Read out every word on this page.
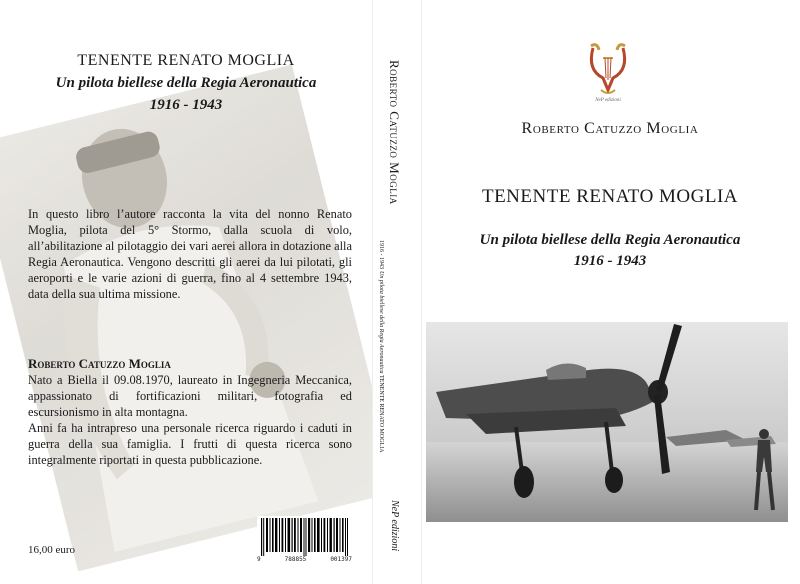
TENENTE RENATO MOGLIA
Un pilota biellese della Regia Aeronautica
1916 - 1943
In questo libro l’autore racconta la vita del nonno Renato Moglia, pilota del 5° Stormo, dalla scuola di volo, all’abilitazione al pilotaggio dei vari aerei allora in dotazione alla Regia Aeronautica. Vengono descritti gli aerei da lui pilotati, gli aeroporti e le varie azioni di guerra, fino al 4 settembre 1943, data della sua ultima missione.
Roberto Catuzzo Moglia

Nato a Biella il 09.08.1970, laureato in Ingegneria Meccanica, appassionato di fortificazioni militari, fotografia ed escursionismo in alta montagna.

Anni fa ha intrapreso una personale ricerca riguardo i caduti in guerra della sua famiglia. I frutti di questa ricerca sono integralmente riportati in questa pubblicazione.

16,00 euro
9	788855	001397
Roberto Catuzzo Moglia
TENENTE RENATO MOGLIA
Un pilota biellese della Regia Aeronautica
1916 - 1943
NeP edizioni
NeP edizioni
Roberto Catuzzo Moglia
TENENTE RENATO MOGLIA
Un pilota biellese della Regia Aeronautica
1916 - 1943
